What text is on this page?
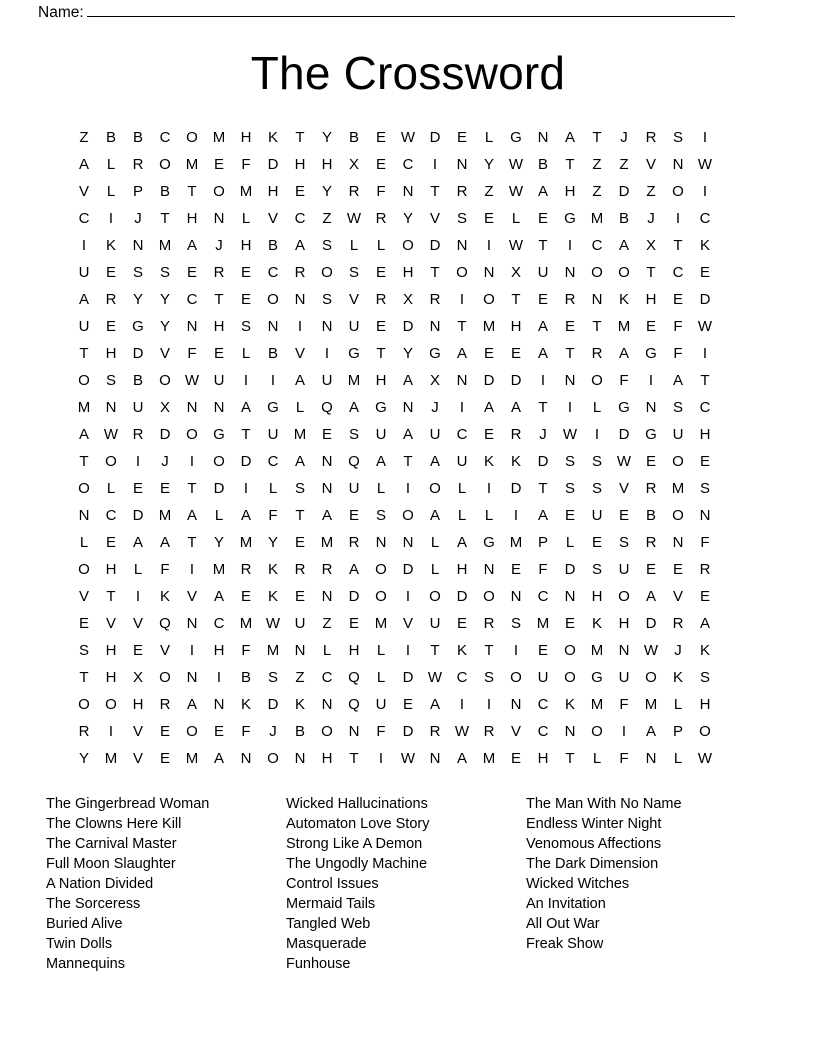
Name:
The Crossword
Z	B	B	C	O	M	H	K	T	Y	B	E	W	D	E	L	G	N	A	T	J	R	S	I	
A	L	R	O	M	E	F	D	H	H	X	E	C	I	N	Y	W	B	T	Z	Z	V	N	W	
V	L	P	B	T	O	M	H	E	Y	R	F	N	T	R	Z	W	A	H	Z	D	Z	O	I	
C	I	J	T	H	N	L	V	C	Z	W	R	Y	V	S	E	L	E	G	M	B	J	I	C	
I	K	N	M	A	J	H	B	A	S	L	L	O	D	N	I	W	T	I	C	A	X	T	K	
U	E	S	S	E	R	E	C	R	O	S	E	H	T	O	N	X	U	N	O	O	T	C	E	
A	R	Y	Y	C	T	E	O	N	S	V	R	X	R	I	O	T	E	R	N	K	H	E	D	
U	E	G	Y	N	H	S	N	I	N	U	E	D	N	T	M	H	A	E	T	M	E	F	W	
T	H	D	V	F	E	L	B	V	I	G	T	Y	G	A	E	E	A	T	R	A	G	F	I	
O	S	B	O	W	U	I	I	A	U	M	H	A	X	N	D	D	I	N	O	F	I	A	T	
M	N	U	X	N	N	A	G	L	Q	A	G	N	J	I	A	A	T	I	L	G	N	S	C	
A	W	R	D	O	G	T	U	M	E	S	U	A	U	C	E	R	J	W	I	D	G	U	H	
T	O	I	J	I	O	D	C	A	N	Q	A	T	A	U	K	K	D	S	S	W	E	O	E	
O	L	E	E	T	D	I	L	S	N	U	L	I	O	L	I	D	T	S	S	V	R	M	S	
N	C	D	M	A	L	A	F	T	A	E	S	O	A	L	L	I	A	E	U	E	B	O	N	
L	E	A	A	T	Y	M	Y	E	M	R	N	N	L	A	G	M	P	L	E	S	R	N	F	
O	H	L	F	I	M	R	K	R	R	A	O	D	L	H	N	E	F	D	S	U	E	E	R	
V	T	I	K	V	A	E	K	E	N	D	O	I	O	D	O	N	C	N	H	O	A	V	E	
E	V	V	Q	N	C	M	W	U	Z	E	M	V	U	E	R	S	M	E	K	H	D	R	A	
S	H	E	V	I	H	F	M	N	L	H	L	I	T	K	T	I	E	O	M	N	W	J	K	
T	H	X	O	N	I	B	S	Z	C	Q	L	D	W	C	S	O	U	O	G	U	O	K	S	
O	O	H	R	A	N	K	D	K	N	Q	U	E	A	I	I	N	C	K	M	F	M	L	H	
R	I	V	E	O	E	F	J	B	O	N	F	D	R	W	R	V	C	N	O	I	A	P	O	
Y	M	V	E	M	A	N	O	N	H	T	I	W	N	A	M	E	H	T	L	F	N	L	W	
The Gingerbread Woman
The Clowns Here Kill
The Carnival Master
Full Moon Slaughter
A Nation Divided
The Sorceress
Buried Alive
Twin Dolls
Mannequins
Wicked Hallucinations
Automaton Love Story
Strong Like A Demon
The Ungodly Machine
Control Issues
Mermaid Tails
Tangled Web
Masquerade
Funhouse
The Man With No Name
Endless Winter Night
Venomous Affections
The Dark Dimension
Wicked Witches
An Invitation
All Out War
Freak Show
